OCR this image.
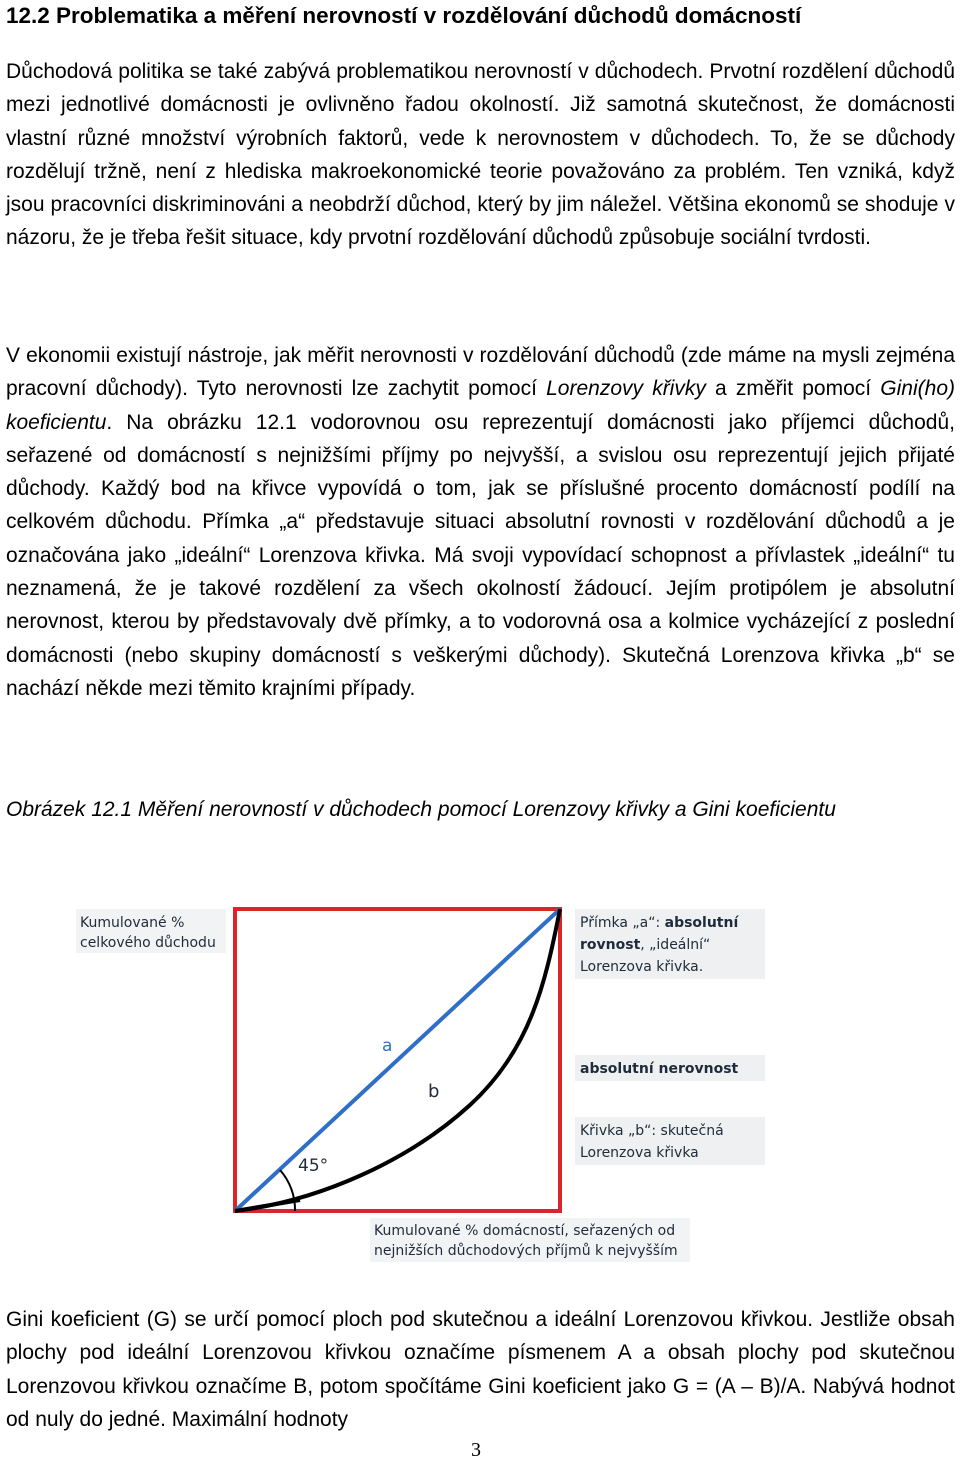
12.2 Problematika a měření nerovností v rozdělování důchodů domácností

Důchodová politika se také zabývá problematikou nerovností v důchodech. Prvotní rozdělení důchodů mezi jednotlivé domácnosti je ovlivněno řadou okolností. Již samotná skutečnost, že domácnosti vlastní různé množství výrobních faktorů, vede k nerovnostem v důchodech. To, že se důchody rozdělují tržně, není z hlediska makroekonomické teorie považováno za problém. Ten vzniká, když jsou pracovníci diskriminováni a neobdrží důchod, který by jim náležel. Většina ekonomů se shoduje v názoru, že je třeba řešit situace, kdy prvotní rozdělování důchodů způsobuje sociální tvrdosti.

V ekonomii existují nástroje, jak měřit nerovnosti v rozdělování důchodů (zde máme na mysli zejména pracovní důchody). Tyto nerovnosti lze zachytit pomocí Lorenzovy křivky a změřit pomocí Gini(ho) koeficientu. Na obrázku 12.1 vodorovnou osu reprezentují domácnosti jako příjemci důchodů, seřazené od domácností s nejnižšími příjmy po nejvyšší, a svislou osu reprezentují jejich přijaté důchody. Každý bod na křivce vypovídá o tom, jak se příslušné procento domácností podílí na celkovém důchodu. Přímka „a“ představuje situaci absolutní rovnosti v rozdělování důchodů a je označována jako „ideální“ Lorenzova křivka. Má svoji vypovídací schopnost a přívlastek „ideální“ tu neznamená, že je takové rozdělení za všech okolností žádoucí. Jejím protipólem je absolutní nerovnost, kterou by představovaly dvě přímky, a to vodorovná osa a kolmice vycházející z poslední domácnosti (nebo skupiny domácností s veškerými důchody). Skutečná Lorenzova křivka „b“ se nachází někde mezi těmito krajními případy.

Obrázek 12.1 Měření nerovností v důchodech pomocí Lorenzovy křivky a Gini koeficientu

Kumulované %
celkového důchodu
45°
a
b
Kumulované % domácností, seřazených od
nejnižších důchodových příjmů k nejvyšším
Přímka „a“: absolutní
rovnost, „ideální“
Lorenzova křivka.
absolutní nerovnost
Křivka „b“: skutečná
Lorenzova křivka

Gini koeficient (G) se určí pomocí ploch pod skutečnou a ideální Lorenzovou křivkou. Jestliže obsah plochy pod ideální Lorenzovou křivkou označíme písmenem A a obsah plochy pod skutečnou Lorenzovou křivkou označíme B, potom spočítáme Gini koeficient jako G = (A – B)/A. Nabývá hodnot od nuly do jedné. Maximální hodnoty

3
